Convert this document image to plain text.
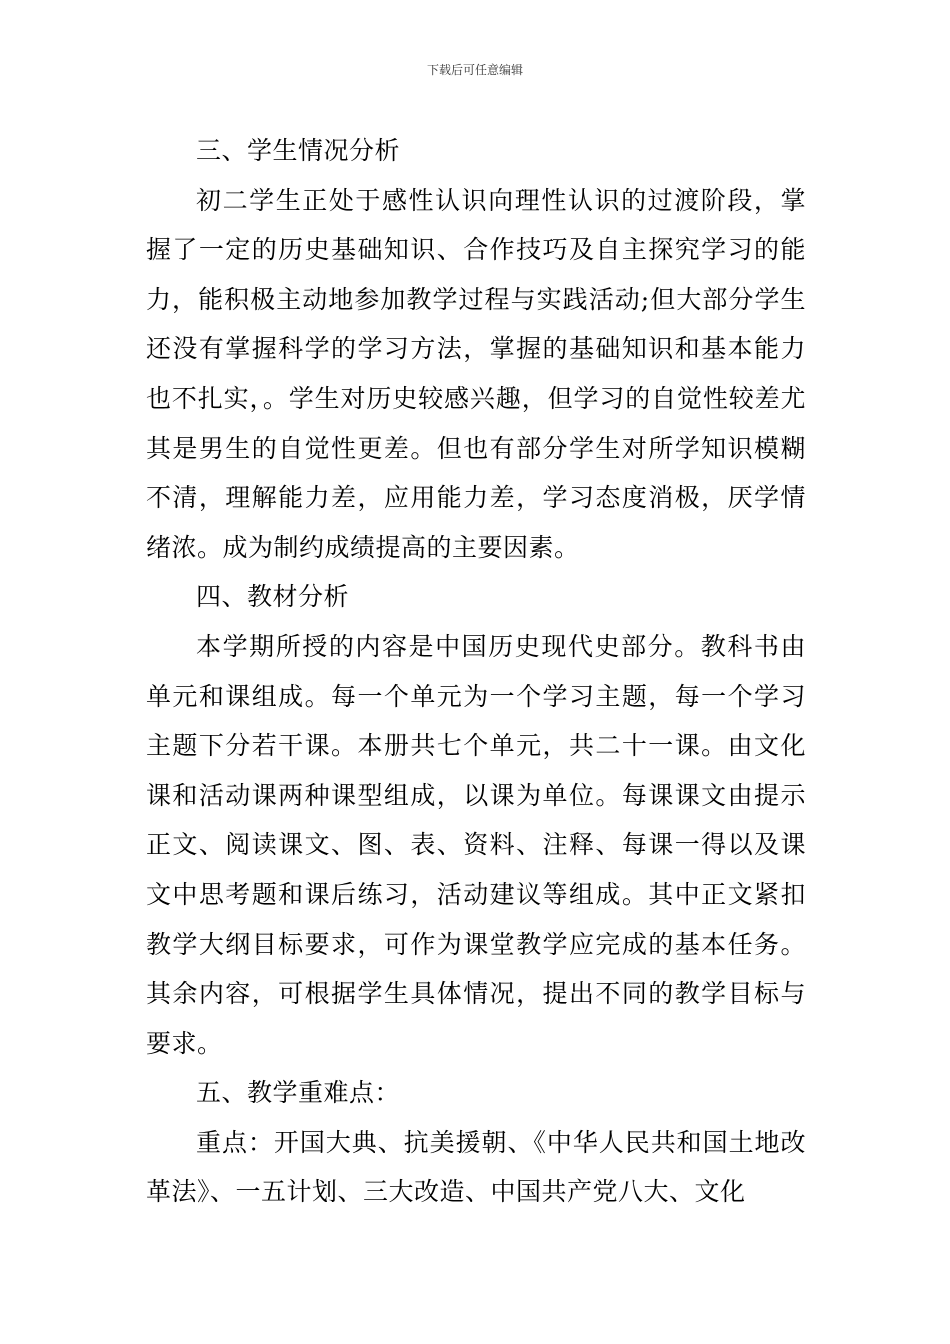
下载后可任意编辑

三、学生情况分析

初二学生正处于感性认识向理性认识的过渡阶段，掌握了一定的历史基础知识、合作技巧及自主探究学习的能力，能积极主动地参加教学过程与实践活动;但大部分学生还没有掌握科学的学习方法，掌握的基础知识和基本能力也不扎实，。学生对历史较感兴趣，但学习的自觉性较差尤其是男生的自觉性更差。但也有部分学生对所学知识模糊不清，理解能力差，应用能力差，学习态度消极，厌学情绪浓。成为制约成绩提高的主要因素。

四、教材分析

本学期所授的内容是中国历史现代史部分。教科书由单元和课组成。每一个单元为一个学习主题，每一个学习主题下分若干课。本册共七个单元，共二十一课。由文化课和活动课两种课型组成，以课为单位。每课课文由提示正文、阅读课文、图、表、资料、注释、每课一得以及课文中思考题和课后练习，活动建议等组成。其中正文紧扣教学大纲目标要求，可作为课堂教学应完成的基本任务。其余内容，可根据学生具体情况，提出不同的教学目标与要求。

五、教学重难点：

重点：开国大典、抗美援朝、《中华人民共和国土地改革法》、一五计划、三大改造、中国共产党八大、文化
